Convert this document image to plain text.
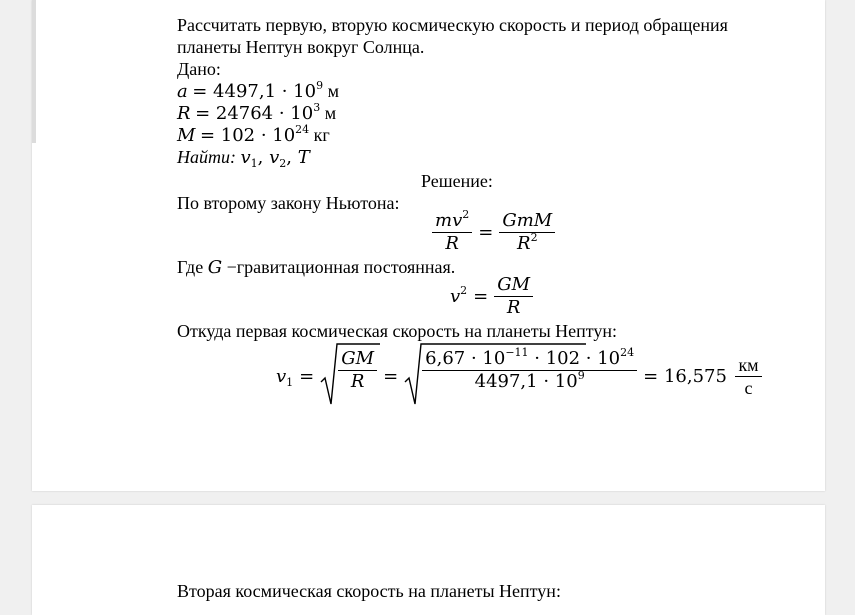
Рассчитать первую, вторую космическую скорость и период обращения
планеты Нептун вокруг Солнца.
Дано:
$a = 4497,1 \cdot 10^9$ м
$R = 24764 \cdot 10^3$ м
$M = 102 \cdot 10^{24}$ кг
Найти: $v_1$, $v_2$, T
Решение:
По второму закону Ньютона:
$\frac{mv^2}{R} = \frac{\text{GmM}}{R^2}$
Где G −гравитационная постоянная.
$v^2 = \frac{GM}{R}$
Откуда первая космическая скорость на планеты Нептун:
$v_1 = \frac{GM}{R} = \frac{6,67 \cdot 10^{-11} \cdot 102 \cdot 10^{24}}{4497,1 \cdot 10^9} = 16,575 \frac{км}{с}$
Вторая космическая скорость на планеты Нептун:
